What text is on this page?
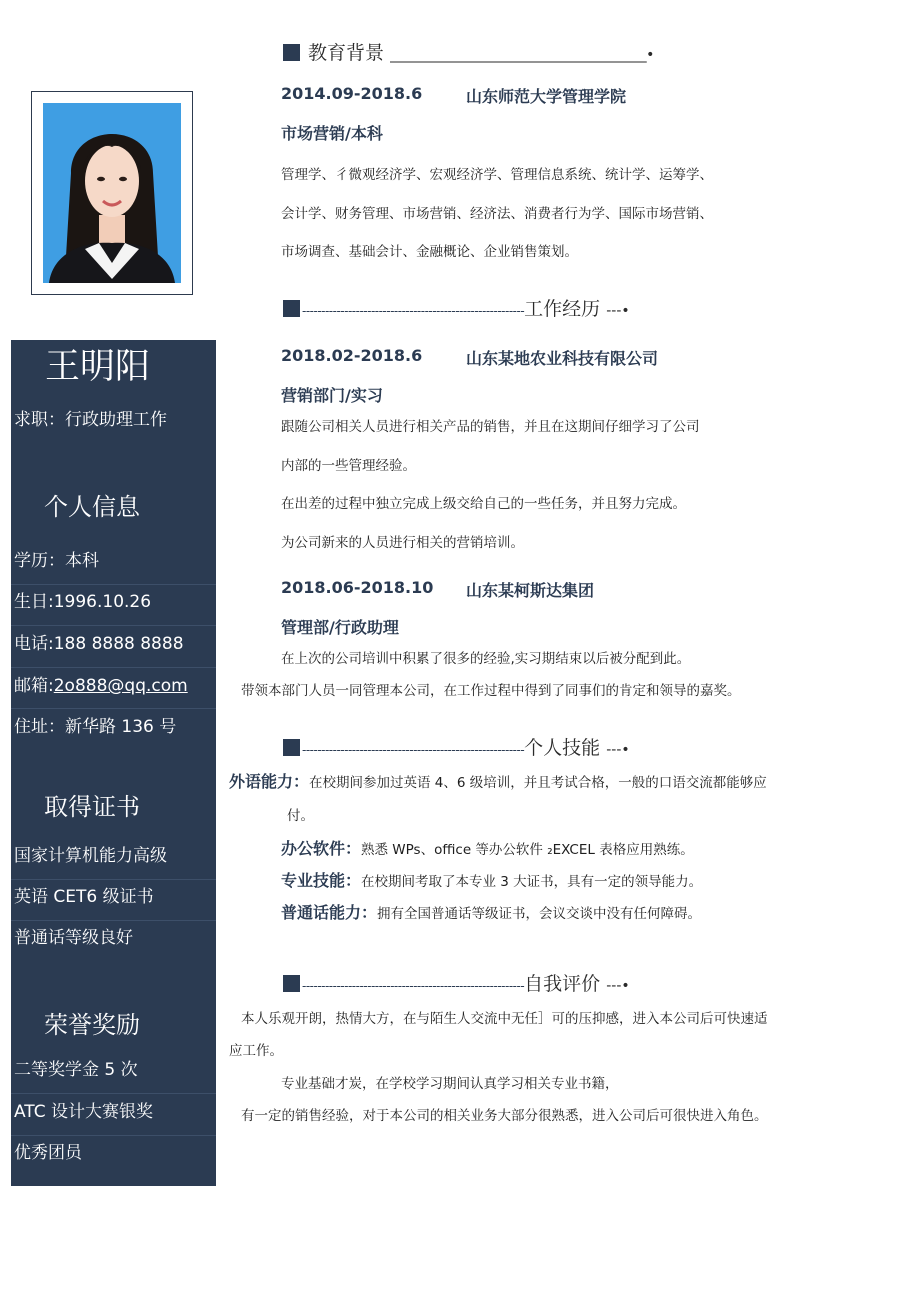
王明阳
求职：行政助理工作
个人信息
学历：本科
生日:1996.10.26
电话:188 8888 8888
邮箱:2o888@qq.com
住址：新华路 136 号
取得证书
国家计算机能力高级
英语 CET6 级证书
普通话等级良好
荣誉奖励
二等奖学金 5 次
ATC 设计大赛银奖
优秀团员
教育背景 ________________________________________•
2014.09-2018.6	山东师范大学管理学院
市场营销/本科
管理学、彳微观经济学、宏观经济学、管理信息系统、统计学、运筹学、
会计学、财务管理、市场营销、经济法、消费者行为学、国际市场营销、
市场调查、基础会计、金融概论、企业销售策划。
----------------------------------------------------------工作经历 ---•
2018.02-2018.6	山东某地农业科技有限公司
营销部门/实习
跟随公司相关人员进行相关产品的销售，并且在这期间仔细学习了公司
内部的一些管理经验。
在出差的过程中独立完成上级交给自己的一些任务，并且努力完成。
为公司新来的人员进行相关的营销培训。
2018.06-2018.10 山东某柯斯达集团
管理部/行政助理
在上次的公司培训中积累了很多的经验,实习期结束以后被分配到此。
带领本部门人员一同管理本公司，在工作过程中得到了同事们的肯定和领导的嘉奖。
----------------------------------------------------------个人技能 ---•
外语能力：在校期间参加过英语 4、6 级培训，并且考试合格，一般的口语交流都能够应
付。
办公软件：熟悉 WPs、office 等办公软件 ₂EXCEL 表格应用熟练。
专业技能：在校期间考取了本专业 3 大证书，具有一定的领导能力。
普通话能力：拥有全国普通话等级证书，会议交谈中没有任何障碍。
----------------------------------------------------------自我评价 ---•
本人乐观开朗，热情大方，在与陌生人交流中无任］可的压抑感，进入本公司后可快速适
应工作。
专业基础才炭，在学校学习期间认真学习相关专业书籍，
有一定的销售经验，对于本公司的相关业务大部分很熟悉，进入公司后可很快进入角色。
